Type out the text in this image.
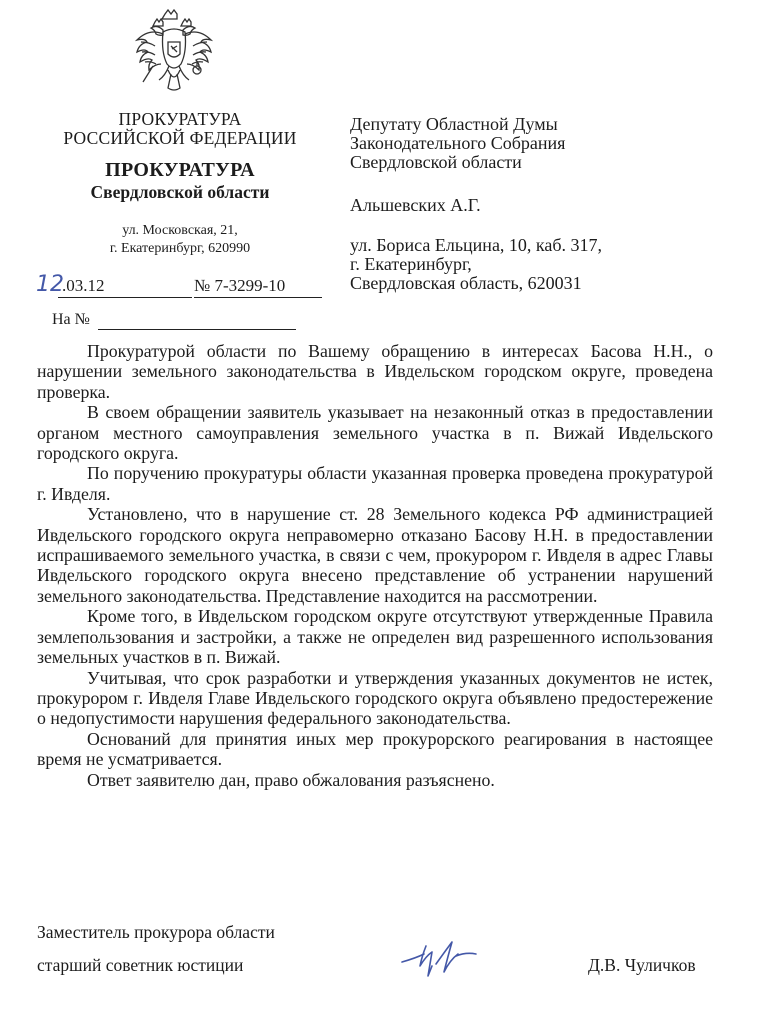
ПРОКУРАТУРА
РОССИЙСКОЙ ФЕДЕРАЦИИ
ПРОКУРАТУРА
Свердловской области
ул. Московская, 21,
г. Екатеринбург, 620990
12
.03.12	№ 7-3299-10
На №
Депутату Областной Думы
Законодательного Собрания
Свердловской области
Альшевских А.Г.
ул. Бориса Ельцина, 10, каб. 317,
г. Екатеринбург,
Свердловская область, 620031

Прокуратурой области по Вашему обращению в интересах Басова Н.Н., о нарушении земельного законодательства в Ивдельском городском округе, проведена проверка.

В своем обращении заявитель указывает на незаконный отказ в предоставлении органом местного самоуправления земельного участка в п. Вижай Ивдельского городского округа.

По поручению прокуратуры области указанная проверка проведена прокуратурой г. Ивделя.

Установлено, что в нарушение ст. 28 Земельного кодекса РФ администрацией Ивдельского городского округа неправомерно отказано Басову Н.Н. в предоставлении испрашиваемого земельного участка, в связи с чем, прокурором г. Ивделя в адрес Главы Ивдельского городского округа внесено представление об устранении нарушений земельного законодательства. Представление находится на рассмотрении.

Кроме того, в Ивдельском городском округе отсутствуют утвержденные Правила землепользования и застройки, а также не определен вид разрешенного использования земельных участков в п. Вижай.

Учитывая, что срок разработки и утверждения указанных документов не истек, прокурором г. Ивделя Главе Ивдельского городского округа объявлено предостережение о недопустимости нарушения федерального законодательства.

Оснований для принятия иных мер прокурорского реагирования в настоящее время не усматривается.

Ответ заявителю дан, право обжалования разъяснено.

Заместитель прокурора области
старший советник юстиции	Д.В. Чуличков
